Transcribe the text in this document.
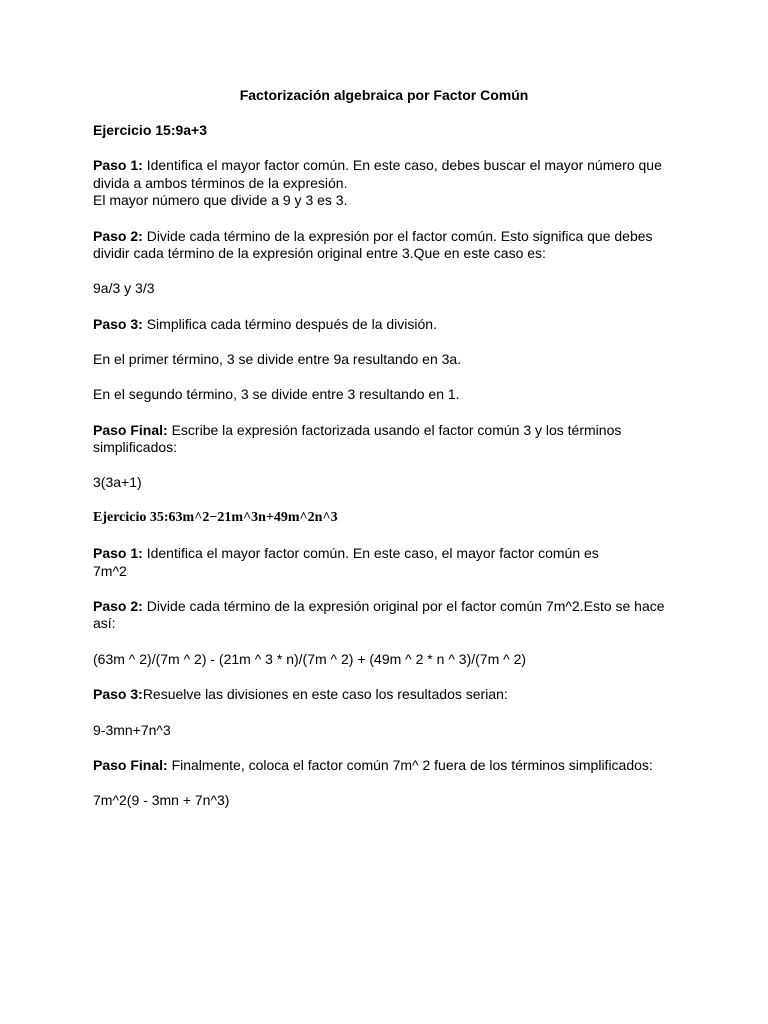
Factorización algebraica por Factor Común
Ejercicio 15:9a+3
Paso 1: Identifica el mayor factor común. En este caso, debes buscar el mayor número que
divida a ambos términos de la expresión.
El mayor número que divide a 9 y 3 es 3.
Paso 2: Divide cada término de la expresión por el factor común. Esto significa que debes
dividir cada término de la expresión original entre 3.Que en este caso es:
9a/3 y 3/3
Paso 3: Simplifica cada término después de la división.
En el primer término, 3 se divide entre 9a resultando en 3a.
En el segundo término, 3 se divide entre 3 resultando en 1.
Paso Final: Escribe la expresión factorizada usando el factor común 3 y los términos
simplificados:
3(3a+1)
Ejercicio 35:63m^2−21m^3n+49m^2n^3
Paso 1: Identifica el mayor factor común. En este caso, el mayor factor común es
7m^2
Paso 2: Divide cada término de la expresión original por el factor común 7m^2.Esto se hace
así:
(63m ^ 2)/(7m ^ 2) - (21m ^ 3 * n)/(7m ^ 2) + (49m ^ 2 * n ^ 3)/(7m ^ 2)
Paso 3:Resuelve las divisiones en este caso los resultados serian:
9-3mn+7n^3
Paso Final: Finalmente, coloca el factor común 7m^ 2 fuera de los términos simplificados:
7m^2(9 - 3mn + 7n^3)
